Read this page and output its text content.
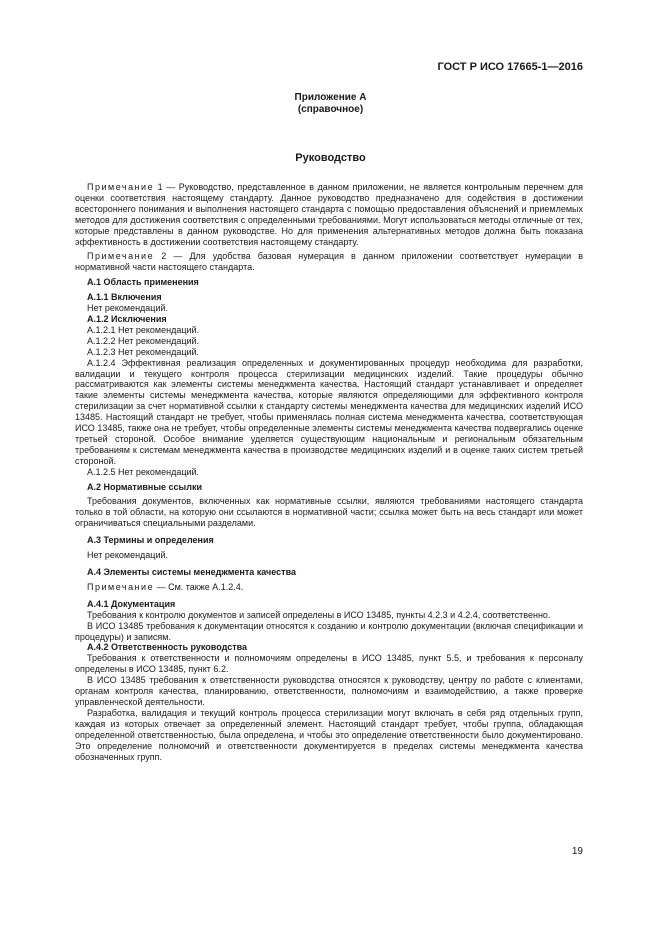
ГОСТ Р ИСО 17665-1—2016
Приложение А
(справочное)
Руководство

Примечание 1 — Руководство, представленное в данном приложении, не является контрольным перечнем для оценки соответствия настоящему стандарту. Данное руководство предназначено для содействия в достижении всестороннего понимания и выполнения настоящего стандарта с помощью предоставления объяснений и приемлемых методов для достижения соответствия с определенными требованиями. Могут использоваться методы отличные от тех, которые представлены в данном руководстве. Но для применения альтернативных методов должна быть показана эффективность в достижении соответствия настоящему стандарту.

Примечание 2 — Для удобства базовая нумерация в данном приложении соответствует нумерации в нормативной части настоящего стандарта.

А.1 Область применения

А.1.1 Включения

Нет рекомендаций.

А.1.2 Исключения

А.1.2.1 Нет рекомендаций.

А.1.2.2 Нет рекомендаций.

А.1.2.3 Нет рекомендаций.

А.1.2.4 Эффективная реализация определенных и документированных процедур необходима для разработки, валидации и текущего контроля процесса стерилизации медицинских изделий. Такие процедуры обычно рассматриваются как элементы системы менеджмента качества. Настоящий стандарт устанавливает и определяет такие элементы системы менеджмента качества, которые являются определяющими для эффективного контроля стерилизации за счет нормативной ссылки к стандарту системы менеджмента качества для медицинских изделий ИСО 13485. Настоящий стандарт не требует, чтобы применялась полная система менеджмента качества, соответствующая ИСО 13485, также она не требует, чтобы определенные элементы системы менеджмента качества подвергались оценке третьей стороной. Особое внимание уделяется существующим национальным и региональным обязательным требованиям к системам менеджмента качества в производстве медицинских изделий и в оценке таких систем третьей стороной.

А.1.2.5 Нет рекомендаций.

А.2 Нормативные ссылки

Требования документов, включенных как нормативные ссылки, являются требованиями настоящего стандарта только в той области, на которую они ссылаются в нормативной части; ссылка может быть на весь стандарт или может ограничиваться специальными разделами.

А.3 Термины и определения

Нет рекомендаций.

А.4 Элементы системы менеджмента качества

Примечание — См. также А.1.2.4.

А.4.1 Документация

Требования к контролю документов и записей определены в ИСО 13485, пункты 4.2.3 и 4.2.4, соответственно.

В ИСО 13485 требования к документации относятся к созданию и контролю документации (включая спецификации и процедуры) и записям.

А.4.2 Ответственность руководства

Требования к ответственности и полномочиям определены в ИСО 13485, пункт 5.5, и требования к персоналу определены в ИСО 13485, пункт 6.2.

В ИСО 13485 требования к ответственности руководства относятся к руководству, центру по работе с клиентами, органам контроля качества, планированию, ответственности, полномочиям и взаимодействию, а также проверке управленческой деятельности.

Разработка, валидация и текущий контроль процесса стерилизации могут включать в себя ряд отдельных групп, каждая из которых отвечает за определенный элемент. Настоящий стандарт требует, чтобы группа, обладающая определенной ответственностью, была определена, и чтобы это определение ответственности было документировано. Это определение полномочий и ответственности документируется в пределах системы менеджмента качества обозначенных групп.

19
